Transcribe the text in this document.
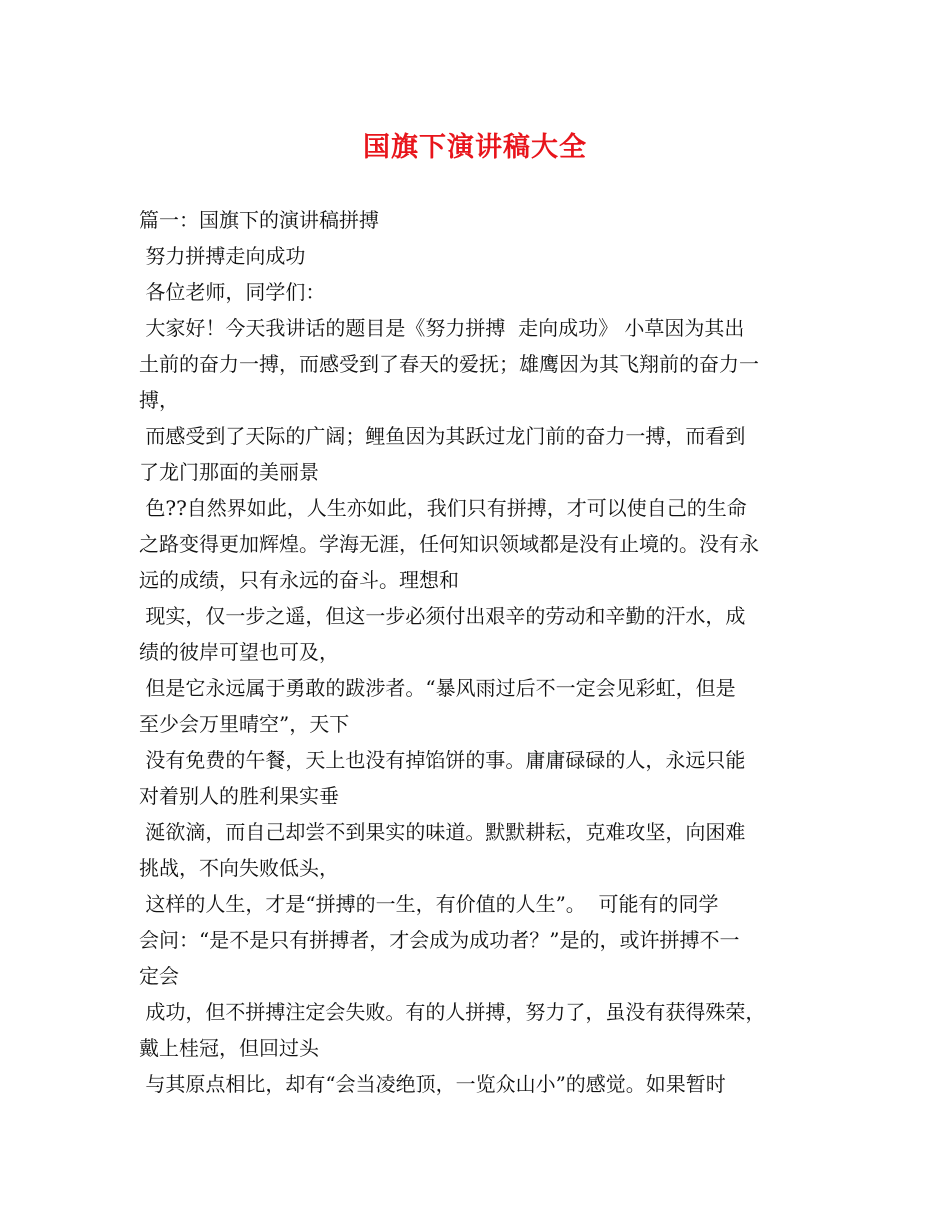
国旗下演讲稿大全
篇一：国旗下的演讲稿拼搏
努力拼搏走向成功
各位老师，同学们：
大家好！今天我讲话的题目是《努力拼搏  走向成功》 小草因为其出
土前的奋力一搏，而感受到了春天的爱抚；雄鹰因为其飞翔前的奋力一
搏，
而感受到了天际的广阔；鲤鱼因为其跃过龙门前的奋力一搏，而看到
了龙门那面的美丽景
色??自然界如此，人生亦如此，我们只有拼搏，才可以使自己的生命
之路变得更加辉煌。学海无涯，任何知识领域都是没有止境的。没有永
远的成绩，只有永远的奋斗。理想和
现实，仅一步之遥，但这一步必须付出艰辛的劳动和辛勤的汗水，成
绩的彼岸可望也可及，
但是它永远属于勇敢的跋涉者。“暴风雨过后不一定会见彩虹，但是
至少会万里晴空”，天下
没有免费的午餐，天上也没有掉馅饼的事。庸庸碌碌的人，永远只能
对着别人的胜利果实垂
涎欲滴，而自己却尝不到果实的味道。默默耕耘，克难攻坚，向困难
挑战，不向失败低头，
这样的人生，才是“拼搏的一生，有价值的人生”。  可能有的同学
会问：“是不是只有拼搏者，才会成为成功者？”是的，或许拼搏不一
定会
成功，但不拼搏注定会失败。有的人拼搏，努力了，虽没有获得殊荣，
戴上桂冠，但回过头
与其原点相比，却有“会当凌绝顶，一览众山小”的感觉。如果暂时
